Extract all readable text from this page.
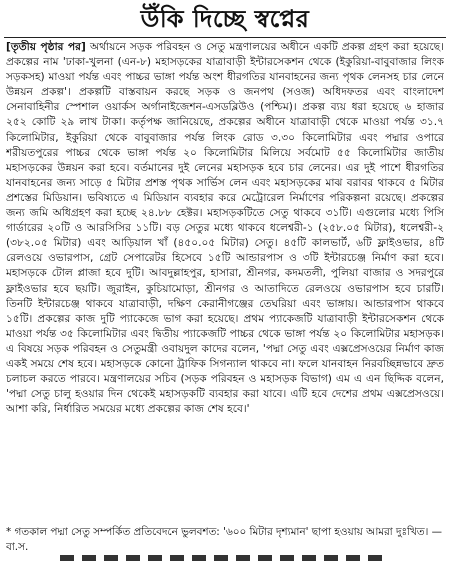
উঁকি দিচ্ছে স্বপ্নের

[তৃতীয় পৃষ্ঠার পর] অর্থায়নে সড়ক পরিবহন ও সেতু মন্ত্রণালয়ের অধীনে একটি প্রকল্প গ্রহণ করা হয়েছে। প্রকল্পের নাম 'ঢাকা-খুলনা (এন-৮) মহাসড়কের যাত্রাবাড়ী ইন্টারসেকশন থেকে (ইকুরিয়া-বাবুবাজার লিংক সড়কসহ) মাওয়া পর্যন্ত এবং পাচ্চর ভাঙ্গা পর্যন্ত অংশ ধীরগতির যানবাহনের জন্য পৃথক লেনসহ চার লেনে উন্নয়ন প্রকল্প'। প্রকল্পটি বাস্তবায়ন করছে সড়ক ও জনপথ (সওজ) অধিদফতর এবং বাংলাদেশ সেনাবাহিনীর স্পেশাল ওয়ার্কস অর্গানাইজেশন-এসডব্লিউও (পশ্চিম)। প্রকল্প ব্যয় ধরা হয়েছে ৬ হাজার ২৫২ কোটি ২৯ লাখ টাকা। কর্তৃপক্ষ জানিয়েছে, প্রকল্পের অধীনে যাত্রাবাড়ী থেকে মাওয়া পর্যন্ত ৩১.৭ কিলোমিটার, ইকুরিয়া থেকে বাবুবাজার পর্যন্ত লিংক রোড ৩.৩০ কিলোমিটার এবং পদ্মার ওপারে শরীয়তপুরের পাচ্চর থেকে ভাঙ্গা পর্যন্ত ২০ কিলোমিটার মিলিয়ে সর্বমোট ৫৫ কিলোমিটার জাতীয় মহাসড়কের উন্নয়ন করা হবে। বর্তমানের দুই লেনের মহাসড়ক হবে চার লেনের। এর দুই পাশে ধীরগতির যানবাহনের জন্য সাড়ে ৫ মিটার প্রশস্ত পৃথক সার্ভিস লেন এবং মহাসড়কের মাঝ বরাবর থাকবে ৫ মিটার প্রশস্তের মিডিয়ান। ভবিষ্যতে এ মিডিয়ান ব্যবহার করে মেট্রোরেল নির্মাণের পরিকল্পনা রয়েছে। প্রকল্পের জন্য জমি অধিগ্রহণ করা হচ্ছে ২৪.৮৮ হেক্টর। মহাসড়কটিতে সেতু থাকবে ৩১টি। এগুলোর মধ্যে পিসি গার্ডারের ২০টি ও আরসিসির ১১টি। বড় সেতুর মধ্যে থাকবে ধলেশ্বরী-১ (২৫৮.০৫ মিটার), ধলেশ্বরী-২ (৩৮২.০৫ মিটার) এবং আড়িয়াল খাঁ (৪৫০.০৫ মিটার) সেতু। ৪৫টি কালভার্ট, ৬টি ফ্লাইওভার, ৪টি রেলওয়ে ওভারপাস, গ্রেট সেপারেটর হিসেবে ১৫টি আন্ডারপাস ও ৩টি ইন্টারচেঞ্জ নির্মাণ করা হবে। মহাসড়কে টোল প্লাজা হবে দুটি। আবদুল্লাহপুর, হাসারা, শ্রীনগর, কদমতলী, পুলিয়া বাজার ও সদরপুরে ফ্লাইওভার হবে ছয়টি। জুরাইন, কুচিয়ামোড়া, শ্রীনগর ও আতাদিতে রেলওয়ে ওভারপাস হবে চারটি। তিনটি ইন্টারচেঞ্জ থাকবে যাত্রাবাড়ী, দক্ষিণ কেরানীগঞ্জের তেঘরিয়া এবং ভাঙ্গায়। আন্ডারপাস থাকবে ১৫টি। প্রকল্পের কাজ দুটি প্যাকেজে ভাগ করা হয়েছে। প্রথম প্যাকেজটি যাত্রাবাড়ী ইন্টারসেকশন থেকে মাওয়া পর্যন্ত ৩৫ কিলোমিটার এবং দ্বিতীয় প্যাকেজটি পাচ্চর থেকে ভাঙ্গা পর্যন্ত ২০ কিলোমিটার মহাসড়ক। এ বিষয়ে সড়ক পরিবহন ও সেতুমন্ত্রী ওবায়দুল কাদের বলেন, 'পদ্মা সেতু এবং এক্সপ্রেসওয়ের নির্মাণ কাজ একই সময়ে শেষ হবে। মহাসড়কে কোনো ট্রাফিক সিগন্যাল থাকবে না। ফলে যানবাহন নিরবচ্ছিন্নভাবে দ্রুত চলাচল করতে পারবে। মন্ত্রণালয়ের সচিব (সড়ক পরিবহন ও মহাসড়ক বিভাগ) এম এ এন ছিদ্দিক বলেন, 'পদ্মা সেতু চালু হওয়ার দিন থেকেই মহাসড়কটি ব্যবহার করা যাবে। এটি হবে দেশের প্রথম এক্সপ্রেসওয়ে। আশা করি, নির্ধারিত সময়ের মধ্যে প্রকল্পের কাজ শেষ হবে।'

* গতকাল পদ্মা সেতু সম্পর্কিত প্রতিবেদনে ভুলবশত: '৬০০ মিটার দৃশ্যমান' ছাপা হওয়ায় আমরা দুঃখিত। —বা.স.
